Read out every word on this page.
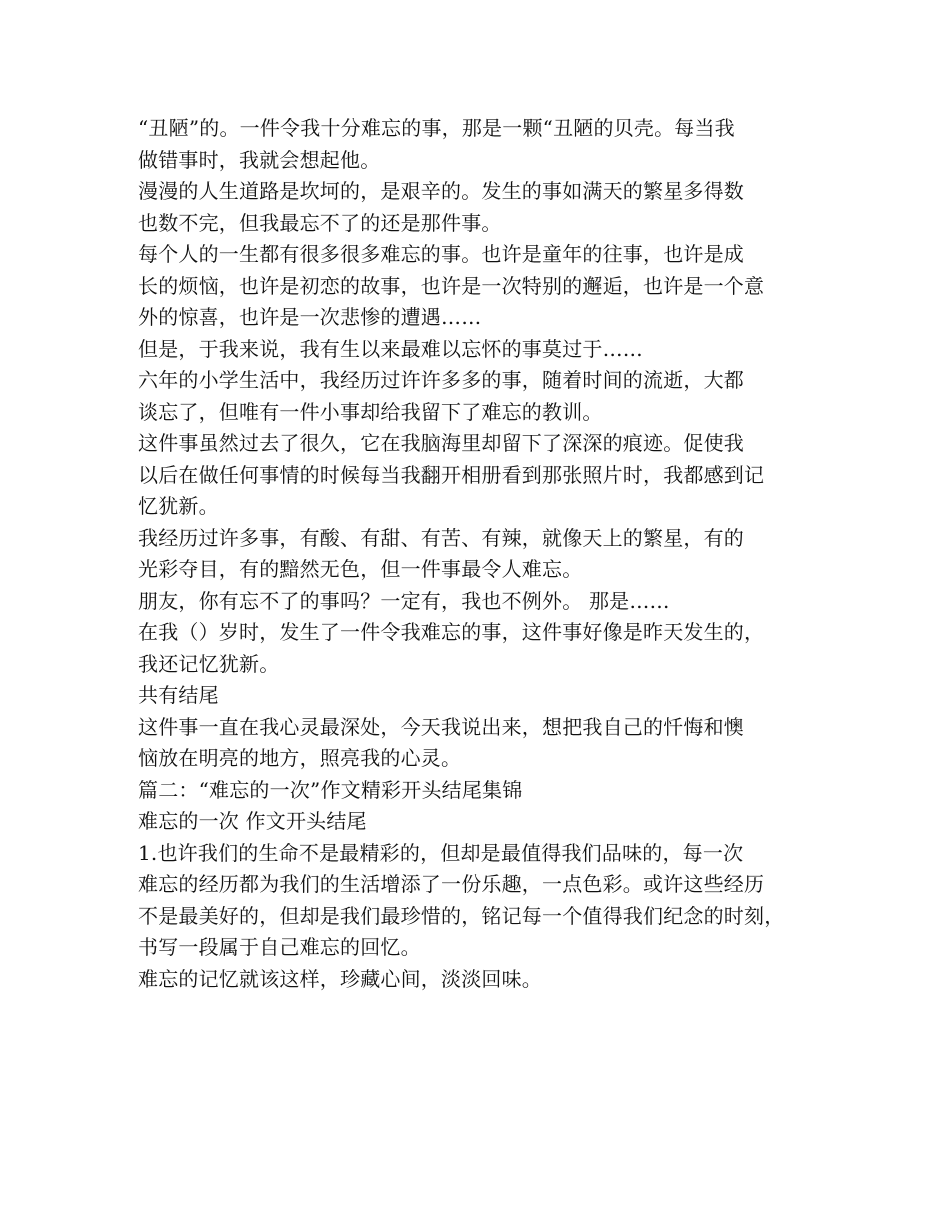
“丑陋”的。一件令我十分难忘的事，那是一颗“丑陋的贝壳。每当我
做错事时，我就会想起他。
漫漫的人生道路是坎坷的，是艰辛的。发生的事如满天的繁星多得数
也数不完，但我最忘不了的还是那件事。
每个人的一生都有很多很多难忘的事。也许是童年的往事，也许是成
长的烦恼，也许是初恋的故事，也许是一次特别的邂逅，也许是一个意
外的惊喜，也许是一次悲惨的遭遇……
但是，于我来说，我有生以来最难以忘怀的事莫过于……
六年的小学生活中，我经历过许许多多的事，随着时间的流逝，大都
谈忘了，但唯有一件小事却给我留下了难忘的教训。
这件事虽然过去了很久，它在我脑海里却留下了深深的痕迹。促使我
以后在做任何事情的时候每当我翻开相册看到那张照片时，我都感到记
忆犹新。
我经历过许多事，有酸、有甜、有苦、有辣，就像天上的繁星，有的
光彩夺目，有的黯然无色，但一件事最令人难忘。
朋友，你有忘不了的事吗？一定有，我也不例外。 那是……
在我（）岁时，发生了一件令我难忘的事，这件事好像是昨天发生的，
我还记忆犹新。
共有结尾
这件事一直在我心灵最深处，今天我说出来，想把我自己的忏悔和懊
恼放在明亮的地方，照亮我的心灵。
篇二：“难忘的一次”作文精彩开头结尾集锦
难忘的一次 作文开头结尾
1.也许我们的生命不是最精彩的，但却是最值得我们品味的，每一次
难忘的经历都为我们的生活增添了一份乐趣，一点色彩。或许这些经历
不是最美好的，但却是我们最珍惜的，铭记每一个值得我们纪念的时刻，
书写一段属于自己难忘的回忆。
难忘的记忆就该这样，珍藏心间，淡淡回味。
